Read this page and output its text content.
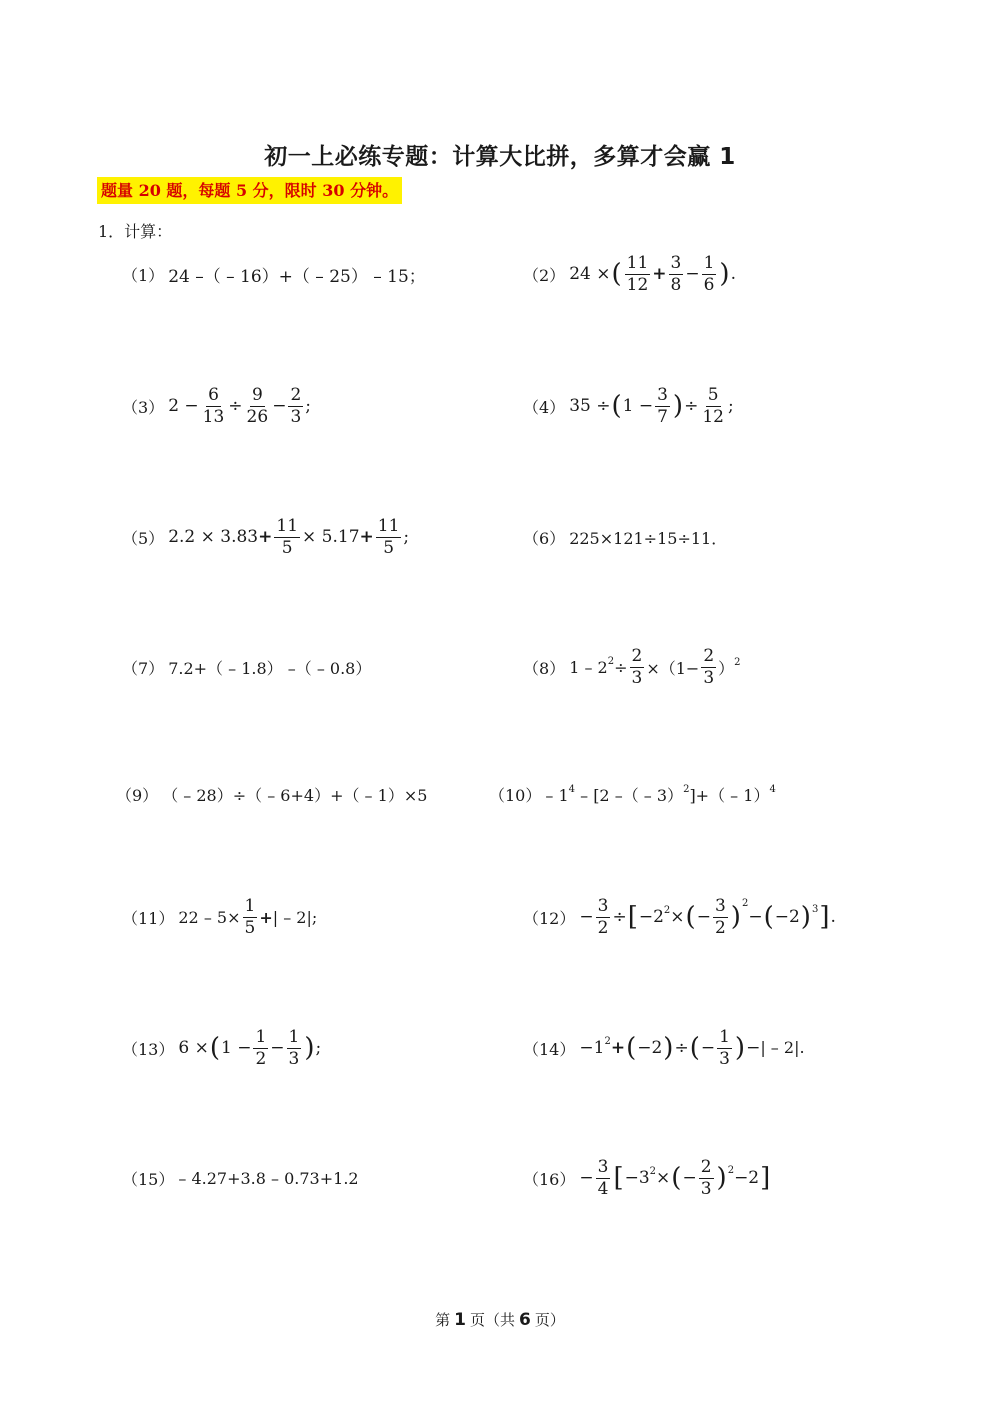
初一上必练专题：计算大比拼，多算才会赢 1
题量 20 题，每题 5 分，限时 30 分钟。
1．计算：
（1） 24 –（ – 16）+（ – 25） – 15；	（2） 24 × ( $\frac{11}{12} + \frac{3}{8} - \frac{1}{6}$ ) .
（3） $2 - \frac{6}{13} \div \frac{9}{26} - \frac{2}{3}$ ;	（4） 35 ÷ ( $1 - \frac{3}{7}$ ) ÷ $\frac{5}{12}$ ;
（5） $2.2 \times 3.83+ \frac{11}{5} \times 5.17+ \frac{11}{5}$ ;	（6） 225×121÷15÷11．
（7） 7.2+（ – 1.8） –（ – 0.8）	（8） $1 - 2^2\div \frac{2}{3} \times(1- \frac{2}{3} )^2$
（9） （ – 28）÷（ – 6+4）+（ – 1）×5	$(10) - 1^4 - [2$ –（ – 3）$^2$]+（ – 1）$^4$
（11） $22 - 5\times \frac{1}{5}$ +| – 2|;	$(12) - \frac{3}{2}$ ÷ [ $-2^2\times$ ( − $\frac{3}{2} )^2$
− ( −2 )$^3$ ] .
（13） 6 × ( $1 - \frac{1}{2} - \frac{1}{3}$ ) ;	$(14) -1^2+$ ( −2 ) ÷ ( − $\frac{1}{3}$ ) −| – 2|.
（15） – 4.27+3.8 – 0.73+1.2	$(16) - \frac{3}{4}$ [ $-3^2\times$ ( − $\frac{2}{3} )^2 -2$ ]
第 1 页（共 6 页）
